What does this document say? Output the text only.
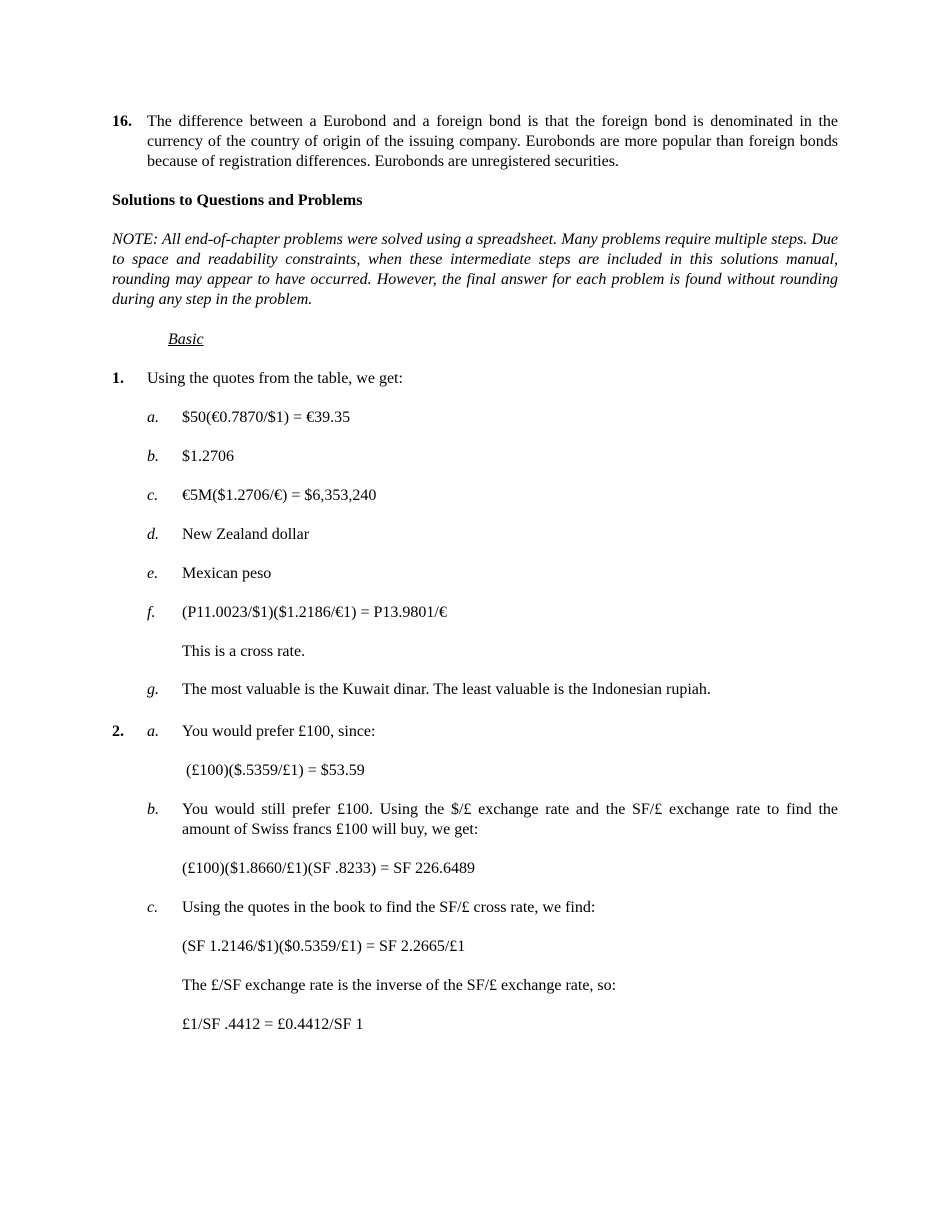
16. The difference between a Eurobond and a foreign bond is that the foreign bond is denominated in the currency of the country of origin of the issuing company. Eurobonds are more popular than foreign bonds because of registration differences. Eurobonds are unregistered securities.
Solutions to Questions and Problems
NOTE: All end-of-chapter problems were solved using a spreadsheet. Many problems require multiple steps. Due to space and readability constraints, when these intermediate steps are included in this solutions manual, rounding may appear to have occurred. However, the final answer for each problem is found without rounding during any step in the problem.
Basic
1. Using the quotes from the table, we get:
a. $50(€0.7870/$1) = €39.35
b. $1.2706
c. €5M($1.2706/€) = $6,353,240
d. New Zealand dollar
e. Mexican peso
f. (P11.0023/$1)($1.2186/€1) = P13.9801/€
This is a cross rate.
g. The most valuable is the Kuwait dinar. The least valuable is the Indonesian rupiah.
2. a. You would prefer £100, since:
(£100)($.5359/£1) = $53.59
b. You would still prefer £100. Using the $/£ exchange rate and the SF/£ exchange rate to find the amount of Swiss francs £100 will buy, we get:
(£100)($1.8660/£1)(SF .8233) = SF 226.6489
c. Using the quotes in the book to find the SF/£ cross rate, we find:
(SF 1.2146/$1)($0.5359/£1) = SF 2.2665/£1
The £/SF exchange rate is the inverse of the SF/£ exchange rate, so:
£1/SF .4412 = £0.4412/SF 1
